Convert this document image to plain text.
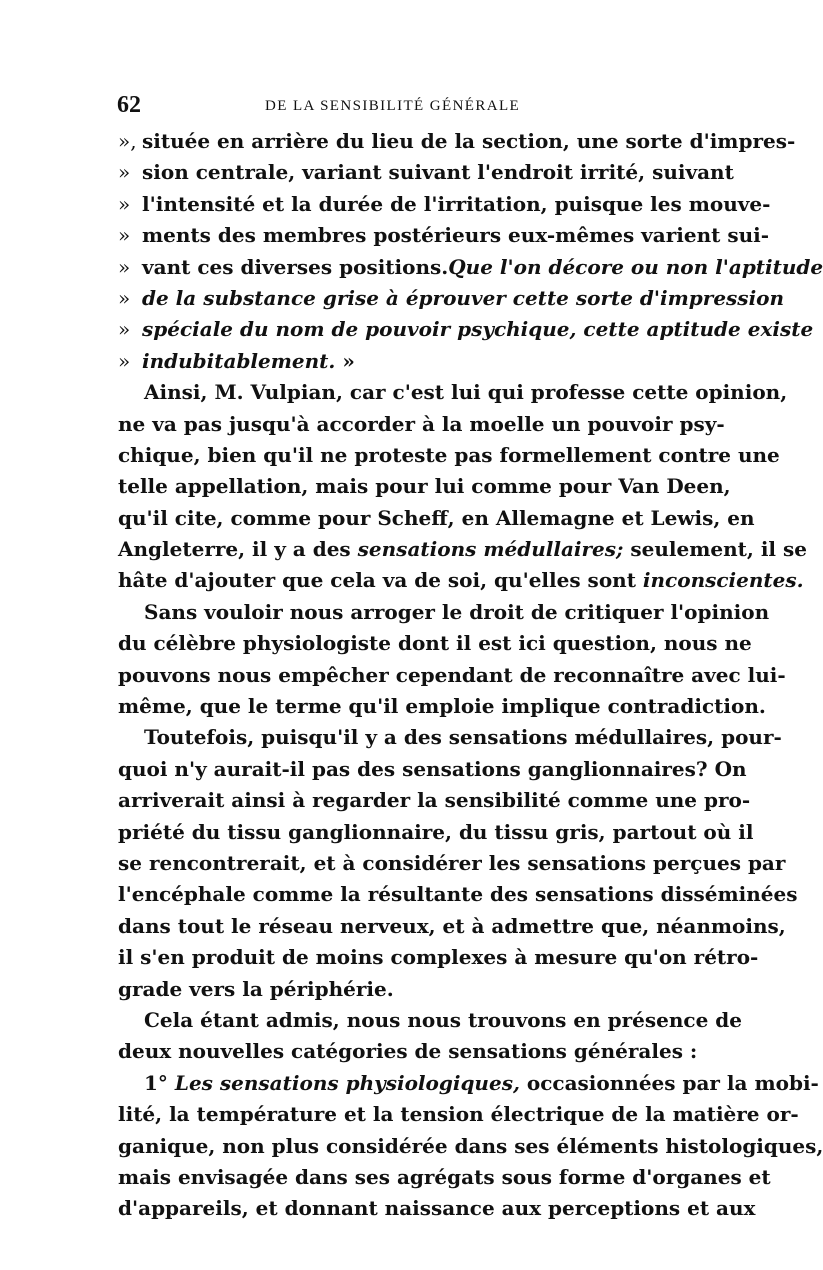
62	DE LA SENSIBILITÉ GÉNÉRALE
»,située en arrière du lieu de la section, une sorte d'impres-
»sion centrale, variant suivant l'endroit irrité, suivant
»l'intensité et la durée de l'irritation, puisque les mouve-
»ments des membres postérieurs eux-mêmes varient sui-
»vant ces diverses positions.Que l'on décore ou non l'aptitude
»de la substance grise à éprouver cette sorte d'impression
»spéciale du nom de pouvoir psychique, cette aptitude existe
»indubitablement. »
Ainsi, M. Vulpian, car c'est lui qui professe cette opinion,
ne va pas jusqu'à accorder à la moelle un pouvoir psy-
chique, bien qu'il ne proteste pas formellement contre une
telle appellation, mais pour lui comme pour Van Deen,
qu'il cite, comme pour Scheff, en Allemagne et Lewis, en
Angleterre, il y a des sensations médullaires; seulement, il se
hâte d'ajouter que cela va de soi, qu'elles sont inconscientes.
Sans vouloir nous arroger le droit de critiquer l'opinion
du célèbre physiologiste dont il est ici question, nous ne
pouvons nous empêcher cependant de reconnaître avec lui-
même, que le terme qu'il emploie implique contradiction.
Toutefois, puisqu'il y a des sensations médullaires, pour-
quoi n'y aurait-il pas des sensations ganglionnaires? On
arriverait ainsi à regarder la sensibilité comme une pro-
priété du tissu ganglionnaire, du tissu gris, partout où il
se rencontrerait, et à considérer les sensations perçues par
l'encéphale comme la résultante des sensations disséminées
dans tout le réseau nerveux, et à admettre que, néanmoins,
il s'en produit de moins complexes à mesure qu'on rétro-
grade vers la périphérie.
Cela étant admis, nous nous trouvons en présence de
deux nouvelles catégories de sensations générales :
1° Les sensations physiologiques, occasionnées par la mobi-
lité, la température et la tension électrique de la matière or-
ganique, non plus considérée dans ses éléments histologiques,
mais envisagée dans ses agrégats sous forme d'organes et
d'appareils, et donnant naissance aux perceptions et aux
